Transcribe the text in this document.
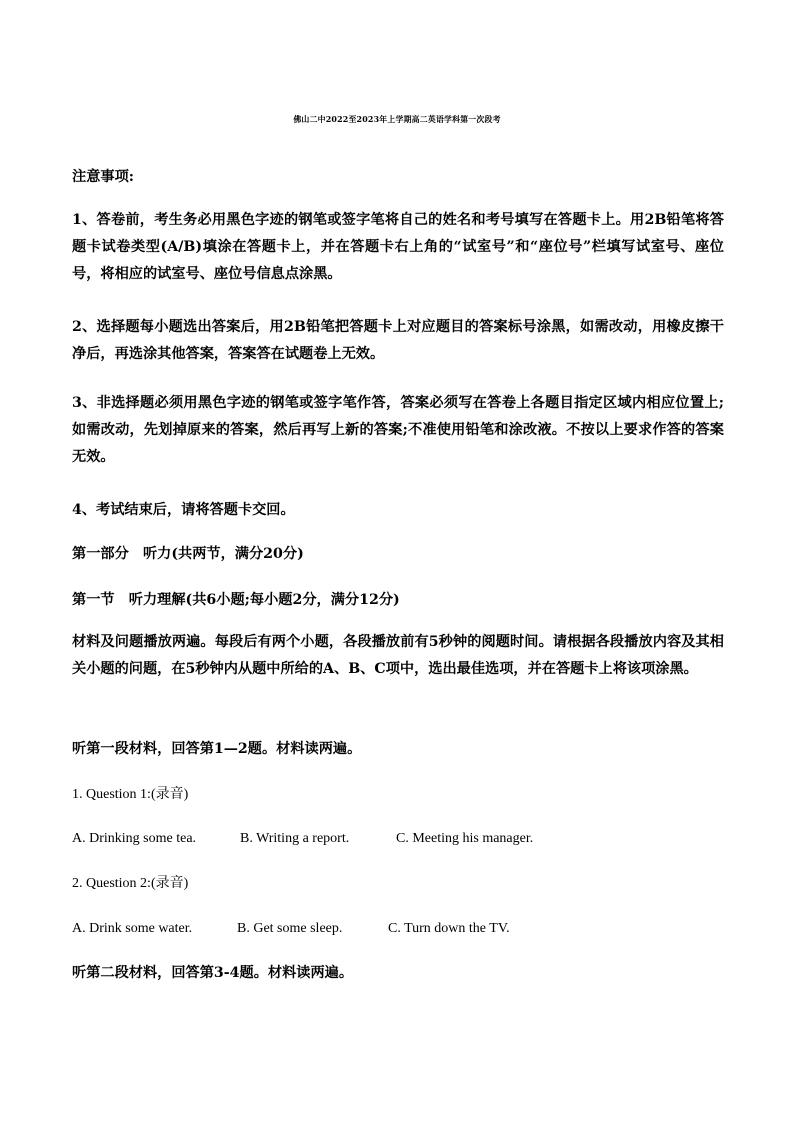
佛山二中2022至2023年上学期高二英语学科第一次段考
注意事项:
1、答卷前，考生务必用黑色字迹的钢笔或签字笔将自己的姓名和考号填写在答题卡上。用2B铅笔将答题卡试卷类型(A/B)填涂在答题卡上，并在答题卡右上角的“试室号”和“座位号”栏填写试室号、座位号，将相应的试室号、座位号信息点涂黑。
2、选择题每小题选出答案后，用2B铅笔把答题卡上对应题目的答案标号涂黑，如需改动，用橡皮擦干净后，再选涂其他答案，答案答在试题卷上无效。
3、非选择题必须用黑色字迹的钢笔或签字笔作答，答案必须写在答卷上各题目指定区域内相应位置上;如需改动，先划掉原来的答案，然后再写上新的答案;不准使用铅笔和涂改液。不按以上要求作答的答案无效。
4、考试结束后，请将答题卡交回。
第一部分　听力(共两节，满分20分)
第一节　听力理解(共6小题;每小题2分，满分12分)
材料及问题播放两遍。每段后有两个小题，各段播放前有5秒钟的阅题时间。请根据各段播放内容及其相关小题的问题，在5秒钟内从题中所给的A、B、C项中，选出最佳选项，并在答题卡上将该项涂黑。
听第一段材料，回答第1—2题。材料读两遍。
1. Question 1:(录音)
A. Drinking some tea.	B. Writing a report.	C. Meeting his manager.
2. Question 2:(录音)
A. Drink some water.	B. Get some sleep.	C. Turn down the TV.
听第二段材料，回答第3-4题。材料读两遍。
